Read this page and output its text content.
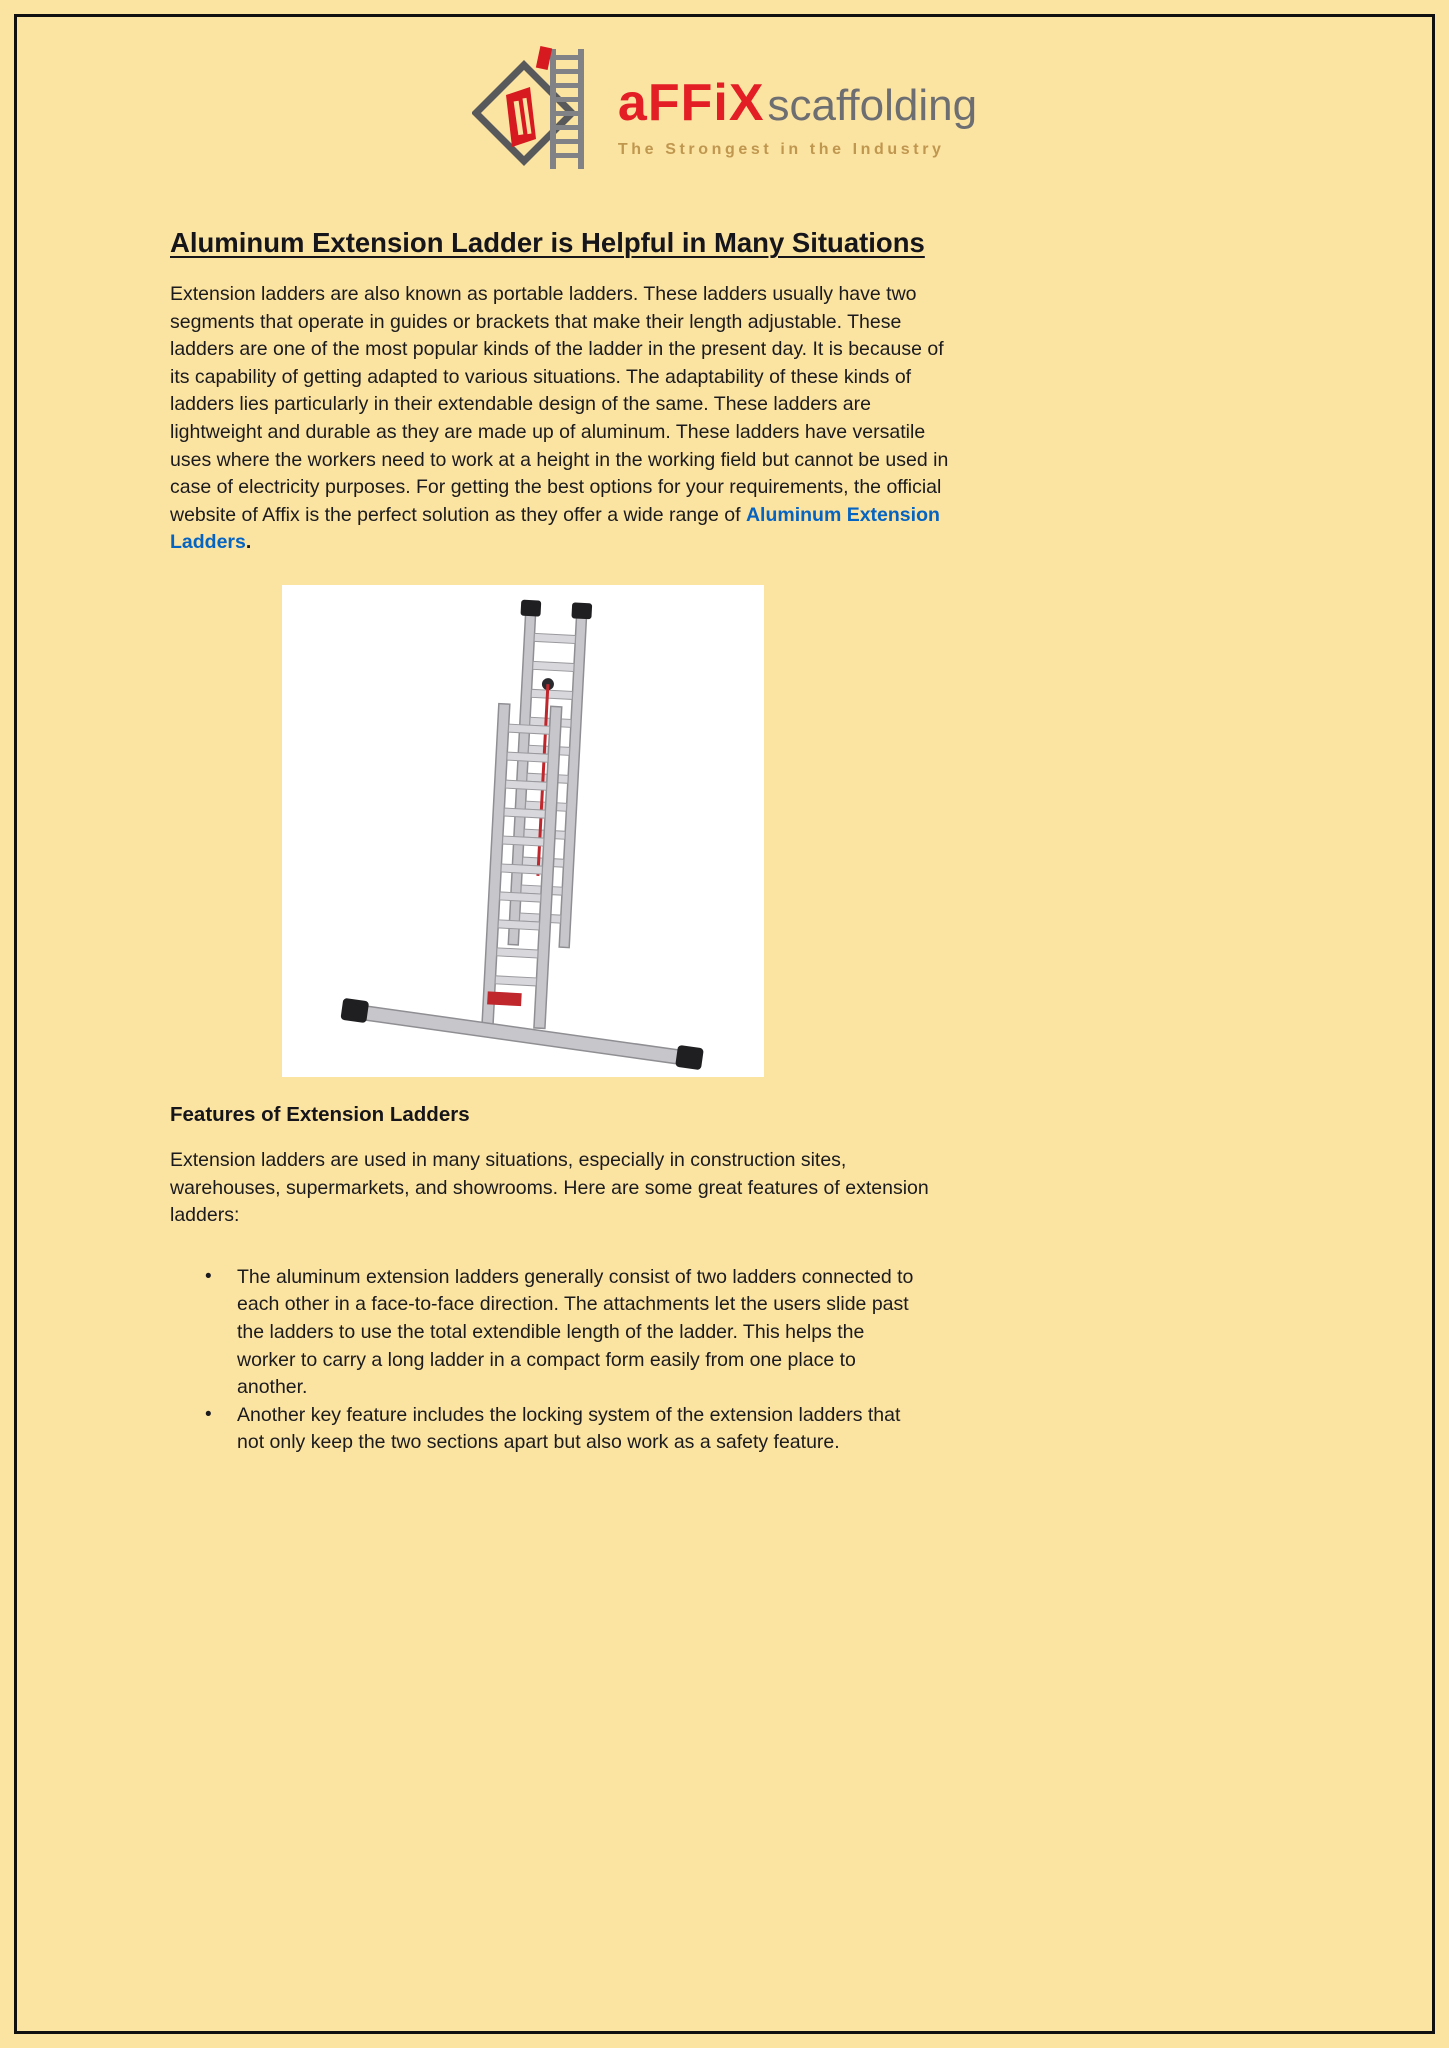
aFFiX scaffolding
The Strongest in the Industry
Aluminum Extension Ladder is Helpful in Many Situations

Extension ladders are also known as portable ladders. These ladders usually have two segments that operate in guides or brackets that make their length adjustable. These ladders are one of the most popular kinds of the ladder in the present day. It is because of its capability of getting adapted to various situations. The adaptability of these kinds of ladders lies particularly in their extendable design of the same. These ladders are lightweight and durable as they are made up of aluminum. These ladders have versatile uses where the workers need to work at a height in the working field but cannot be used in case of electricity purposes. For getting the best options for your requirements, the official website of Affix is the perfect solution as they offer a wide range of Aluminum Extension Ladders.

Features of Extension Ladders

Extension ladders are used in many situations, especially in construction sites, warehouses, supermarkets, and showrooms. Here are some great features of extension ladders:

• The aluminum extension ladders generally consist of two ladders connected to each other in a face-to-face direction. The attachments let the users slide past the ladders to use the total extendible length of the ladder. This helps the worker to carry a long ladder in a compact form easily from one place to another.
• Another key feature includes the locking system of the extension ladders that not only keep the two sections apart but also work as a safety feature.
